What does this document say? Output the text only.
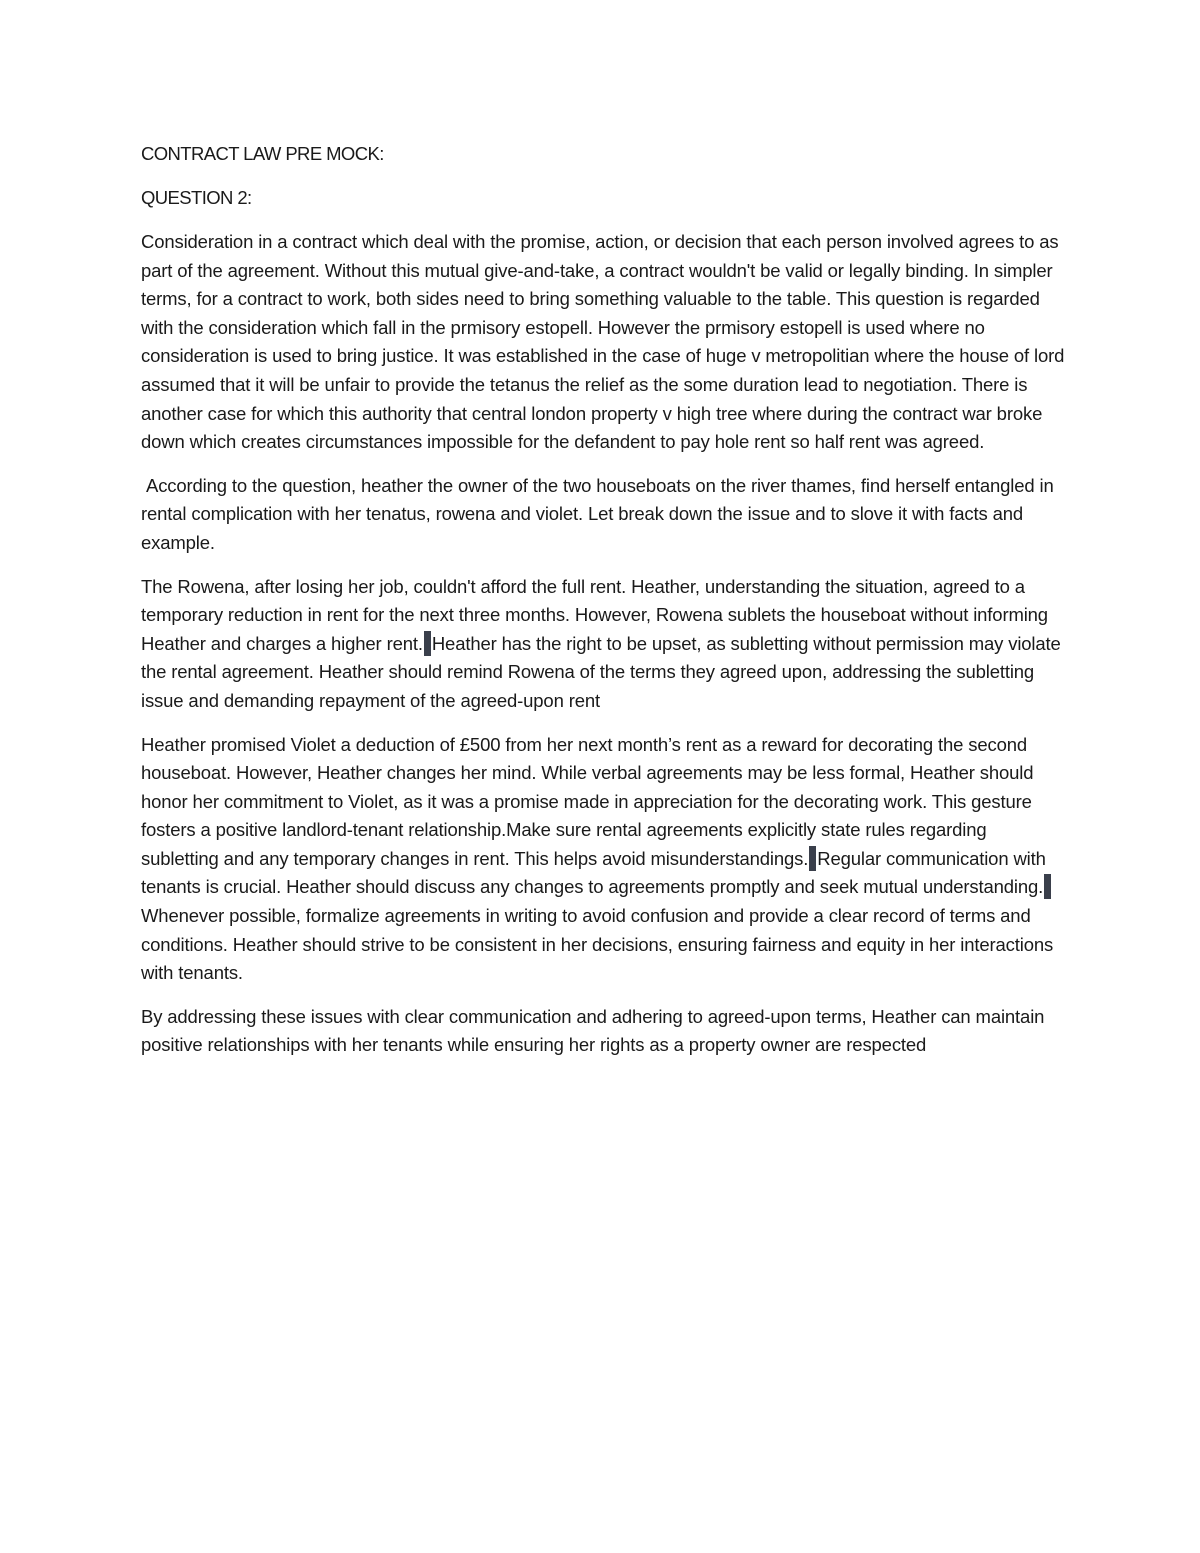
CONTRACT LAW PRE MOCK:

QUESTION 2:

Consideration in a contract which deal with the promise, action, or decision that each person involved agrees to as part of the agreement. Without this mutual give-and-take, a contract wouldn't be valid or legally binding. In simpler terms, for a contract to work, both sides need to bring something valuable to the table. This question is regarded with the consideration which fall in the prmisory estopell. However the prmisory estopell is used where no consideration is used to bring justice. It was established in the case of huge v metropolitian where the house of lord assumed that it will be unfair to provide the tetanus the relief as the some duration lead to negotiation. There is another case for which this authority that central london property v high tree where during the contract war broke down which creates circumstances impossible for the defandent to pay hole rent so half rent was agreed.

According to the question, heather the owner of the two houseboats on the river thames, find herself entangled in rental complication with her tenatus, rowena and violet. Let break down the issue and to slove it with facts and example.

The Rowena, after losing her job, couldn't afford the full rent. Heather, understanding the situation, agreed to a temporary reduction in rent for the next three months. However, Rowena sublets the houseboat without informing Heather and charges a higher rent. Heather has the right to be upset, as subletting without permission may violate the rental agreement. Heather should remind Rowena of the terms they agreed upon, addressing the subletting issue and demanding repayment of the agreed-upon rent

Heather promised Violet a deduction of £500 from her next month’s rent as a reward for decorating the second houseboat. However, Heather changes her mind. While verbal agreements may be less formal, Heather should honor her commitment to Violet, as it was a promise made in appreciation for the decorating work. This gesture fosters a positive landlord-tenant relationship.Make sure rental agreements explicitly state rules regarding subletting and any temporary changes in rent. This helps avoid misunderstandings. Regular communication with tenants is crucial. Heather should discuss any changes to agreements promptly and seek mutual understanding.Whenever possible, formalize agreements in writing to avoid confusion and provide a clear record of terms and conditions. Heather should strive to be consistent in her decisions, ensuring fairness and equity in her interactions with tenants.

By addressing these issues with clear communication and adhering to agreed-upon terms, Heather can maintain positive relationships with her tenants while ensuring her rights as a property owner are respected
